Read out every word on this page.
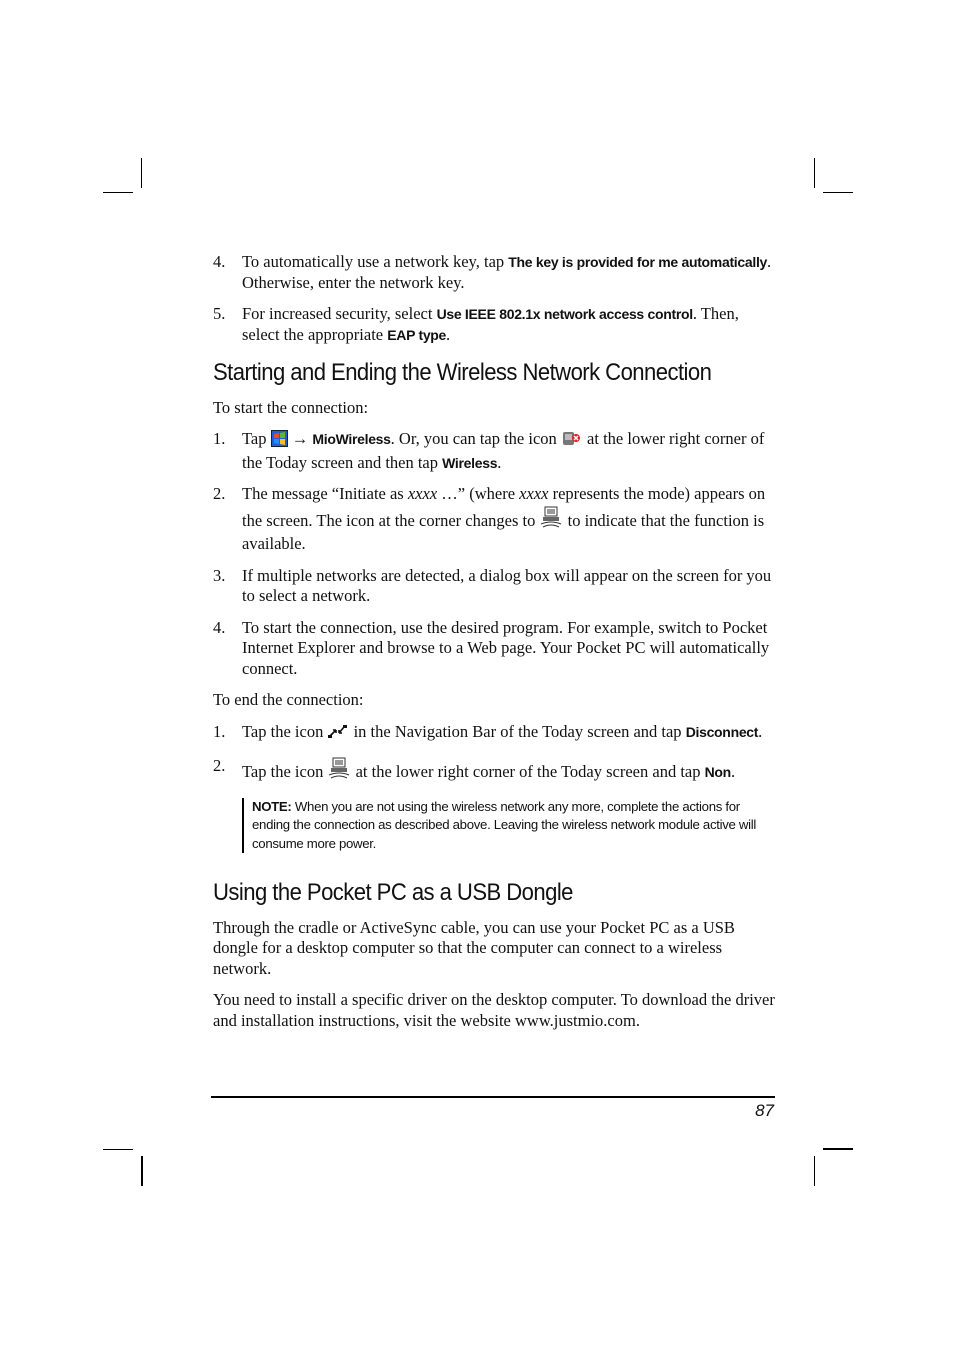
4. To automatically use a network key, tap The key is provided for me automatically. Otherwise, enter the network key.
5. For increased security, select Use IEEE 802.1x network access control. Then, select the appropriate EAP type.
Starting and Ending the Wireless Network Connection

To start the connection:

1. Tap  → MioWireless. Or, you can tap the icon  at the lower right corner of the Today screen and then tap Wireless.
2. The message “Initiate as xxxx …” (where xxxx represents the mode) appears on the screen. The icon at the corner changes to  to indicate that the function is available.
3. If multiple networks are detected, a dialog box will appear on the screen for you to select a network.
4. To start the connection, use the desired program. For example, switch to Pocket Internet Explorer and browse to a Web page. Your Pocket PC will automatically connect.

To end the connection:

1. Tap the icon  in the Navigation Bar of the Today screen and tap Disconnect.
2. Tap the icon  at the lower right corner of the Today screen and tap Non.
NOTE: When you are not using the wireless network any more, complete the actions for ending the connection as described above. Leaving the wireless network module active will consume more power.
Using the Pocket PC as a USB Dongle

Through the cradle or ActiveSync cable, you can use your Pocket PC as a USB dongle for a desktop computer so that the computer can connect to a wireless network.

You need to install a specific driver on the desktop computer. To download the driver and installation instructions, visit the website www.justmio.com.

87
